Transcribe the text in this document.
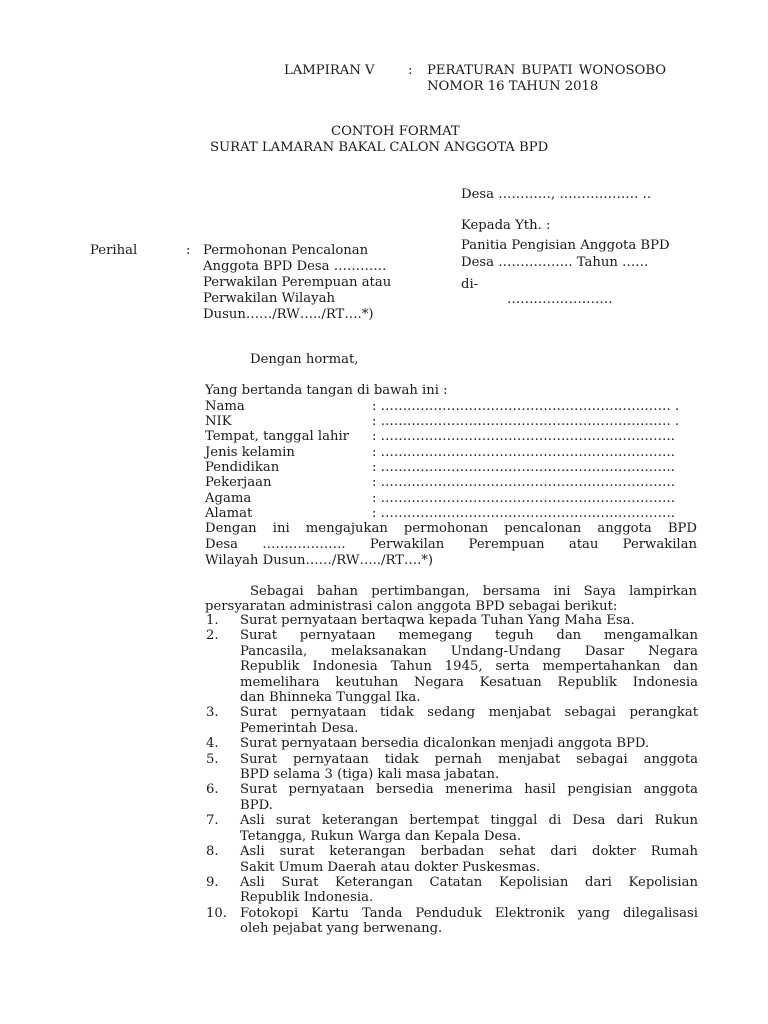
LAMPIRAN V	: PERATURAN BUPATI WONOSOBO
NOMOR 16 TAHUN 2018
CONTOH FORMAT
SURAT LAMARAN BAKAL CALON ANGGOTA BPD
Desa …………, ……………… ..
Kepada Yth. :
Panitia Pengisian Anggota BPD
Desa …………….. Tahun ……
di-
……………………
Perihal	: Permohonan Pencalonan
Anggota BPD Desa …………
Perwakilan Perempuan atau
Perwakilan Wilayah
Dusun……/RW…../RT….*)
Dengan hormat,
Yang bertanda tangan di bawah ini :
Nama	: ………………………………………………………… .
NIK	: ………………………………………………………… .
Tempat, tanggal lahir : ………………………………………………………….
Jenis kelamin	: ………………………………………………………….
Pendidikan	: ………………………………………………………….
Pekerjaan	: ………………………………………………………….
Agama	: ………………………………………………………….
Alamat	: ………………………………………………………….
Dengan ini mengajukan permohonan pencalonan anggota BPD
Desa ………………. Perwakilan Perempuan atau Perwakilan
Wilayah Dusun……/RW…../RT….*)
Sebagai bahan pertimbangan, bersama ini Saya lampirkan
persyaratan administrasi calon anggota BPD sebagai berikut:
1.	Surat pernyataan bertaqwa kepada Tuhan Yang Maha Esa.
2.	Surat pernyataan memegang teguh dan mengamalkan
Pancasila, melaksanakan Undang-Undang Dasar Negara
Republik Indonesia Tahun 1945, serta mempertahankan dan
memelihara keutuhan Negara Kesatuan Republik Indonesia
dan Bhinneka Tunggal Ika.
3.	Surat pernyataan tidak sedang menjabat sebagai perangkat
Pemerintah Desa.
4.	Surat pernyataan bersedia dicalonkan menjadi anggota BPD.
5.	Surat pernyataan tidak pernah menjabat sebagai anggota
BPD selama 3 (tiga) kali masa jabatan.
6.	Surat pernyataan bersedia menerima hasil pengisian anggota
BPD.
7.	Asli surat keterangan bertempat tinggal di Desa dari Rukun
Tetangga, Rukun Warga dan Kepala Desa.
8.	Asli surat keterangan berbadan sehat dari dokter Rumah
Sakit Umum Daerah atau dokter Puskesmas.
9.	Asli Surat Keterangan Catatan Kepolisian dari Kepolisian
Republik Indonesia.
10. Fotokopi Kartu Tanda Penduduk Elektronik yang dilegalisasi
oleh pejabat yang berwenang.
